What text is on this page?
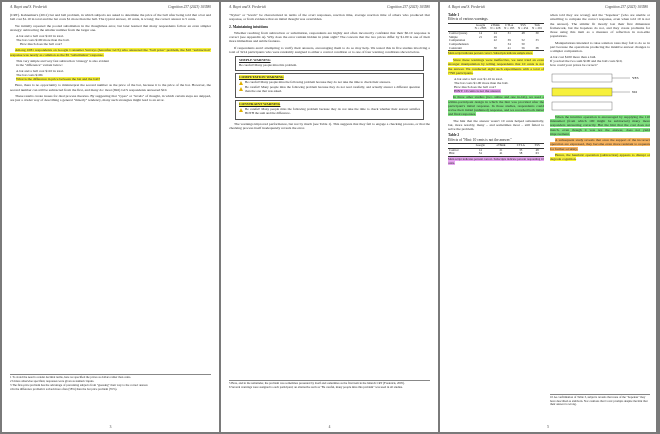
A. Bayet and S. Frederick	Cognition 237 (2023) 103580

(CRT). Kahneman's (2011) bat and ball problem, in which subjects are asked to determine the price of the ball after being told that a bat and ball cost $1.10 in total and the bat costs $1 more than the ball. The typical answer, 10 cents, is wrong; the correct answer is 5 cents.

We initially repeated the pooled substitution in the thoughtless error, but later learned that many respondents follow an even simpler strategy: subtracting the smaller number from the larger one.

A bat and a ball cost $110 in total.
The bat costs $100 more than the ball.
How much does the ball cost?

Among 1081 respondents on Google Consumer Surveys (hereafter GCS) who answered the "ball price" problem, the $10 "subtraction" response was nearly as common as the $5 "substitution" response.

This very simple and very fast subtraction 'strategy' is also evident
in the "difference" variant below:
A bat and a ball cost $110 in total.
The bat costs $100.
What is the difference in price between the bat and the ball?

Here, there is no opportunity to misinterpret the second number as the price of the bat, because it is the price of the bat. However, the second number can still be subtracted from the first, and many do: most (692) GCS respondents answered $10.

These results create issues for dual process theories. By suggesting that "types" or "levels" of thought, in which certain steps are skipped, are just a cruder way of describing a general "miserly" tendency, many such strategies might lead to an error.

1 To avoid the need to render decimal terms, here we specified the prices as dollars rather than cents.
2 Unless otherwise specified, responses were given as numeric inputs.
3 The first-price problem has the advantage of preventing subjects from "guessing" their way to the correct answer.
4 In the difference problem it solved more often (58%) than the bat price problem (35%).
3
A. Bayet and S. Frederick	Cognition 237 (2023) 103580

"Stylus" or "levels" be characterized in terms of the overt responses, reaction time, average reaction time of others who produced that response, or from evidence that an initial thought was overridden.

2. Maintaining intuitions

Whether reaching from subtraction or substitution, respondents are highly and often incorrectly confident that their $0.10 response is correct (see Appendix A). Why does the error remain hidden in plain sight? The concern that the two prices differ by $1.00 is one of their more immediate and subtle features.

If respondents aren't attempting to verify their answers, encouraging them to do so may help. We tested this in five studies involving a total of 3214 participants who were randomly assigned to either a control condition or to one of four warning conditions shown below.

SIMPLE WARNING
Be careful! Many people miss this problem.
COMPUTATION WARNING
Be careful! Many people miss the following problem because they do not take the time to check their answers.
Be careful! Many people miss the following problem because they do not read carefully, and actually answer a different question than the one that was asked.
CONSTRAINT WARNING
Be careful! Many people miss the following problem because they do not take the time to check whether their answer satisfies BOTH the sum and the difference.

The warnings improved performance, but not by much (see Table 1). This suggests that they fail to engage a checking process, or that the checking process itself inadequately reveals the error.

5 Here, and in the remainder, the problem was sometimes presented by itself and sometimes as the first item in the bmatch CRT (Frederick, 2005).
6 Several warnings were assigned to each participant; an alternative such as "Be careful, many people miss this problem" was used in all studies.
4
A. Bayet and S. Frederick	Cognition 237 (2023) 103580
Table 1
Effects of various warnings.
	Google	eThink	CTLA	SSS	Tufs
	N = 2583	N = 228	N = 183	N = 454	N = 291
Control (none)	14	24	31	48	30
Simple	21	29			
Computation		22	39	52	33
Comprehension			34	50	
Constraint		30	41	56	38
Main script indicates percent correct. Subscripts indicate sample sizes.

Since these warnings were ineffective, we next tried an even stronger manipulation by telling respondents that 10 cents is not the answer. We conducted eight such experiments with a total of 7790 participants.

A bat and a ball cost $1.10 in total.
The bat costs $1.00 more than the ball.
How much does the ball cost?
HINT: 10 cents is not the answer.

In three other studies (two online and one in-lab), we used a within-participant design in which the hint was provided after the participant's initial response. In those studies, respondents could revise their initial (unhinted) response, and we recorded both initial and final responses.

The hint that the answer wasn't 10 cents helped substantially, but, more notably, many – and sometimes most – still failed to solve the problem.

Table 2
Effects of "Hint: 10 cents is not the answer."
	Google	eThink	CTLA	SSS
Control	14	21	35	48
Hint	34	41	58	63
Main script indicates percent correct. Subscripts indicate percent responding 10 cents.

when told they are wrong) and the "hopeless" (who are unable or unwilling to compute the correct response, even when told 10 is not the answer). The similar fit mostly lost their first dimension framework, but the hopeless do not, and they create problems for those using this item as a measure of reflection in non-elite populations.

Manipulations intended to raise solution rates may fail to do so in part because the operations producing the intuitive answer changes to a simpler computation.

A bat cost $100 more than a ball.
If you had the two sum $100 and the ball costs $10,
how could your prices be correct?
YES
NO

When the intuitive operation is encouraged by supplying the 110 misnamed (from which 100 might be subtracted) many more responders answering correctly. But the hint that the cost does not match, even though it was not the answer, does not yield improvement.

A subsequent study reveals that once the support of the incorrect operation are expressed, they become even more resistant to requests for further scrutiny.

Hence, the heuristic operation (subtraction) appears to disrupt or degrade cognition.

10 As confirmation of Table 3, subjects reveals that none of the "hopeless" may have described as stubborn. Nor cautions that Cover prompts despite the hint that their answer is wrong.
5
